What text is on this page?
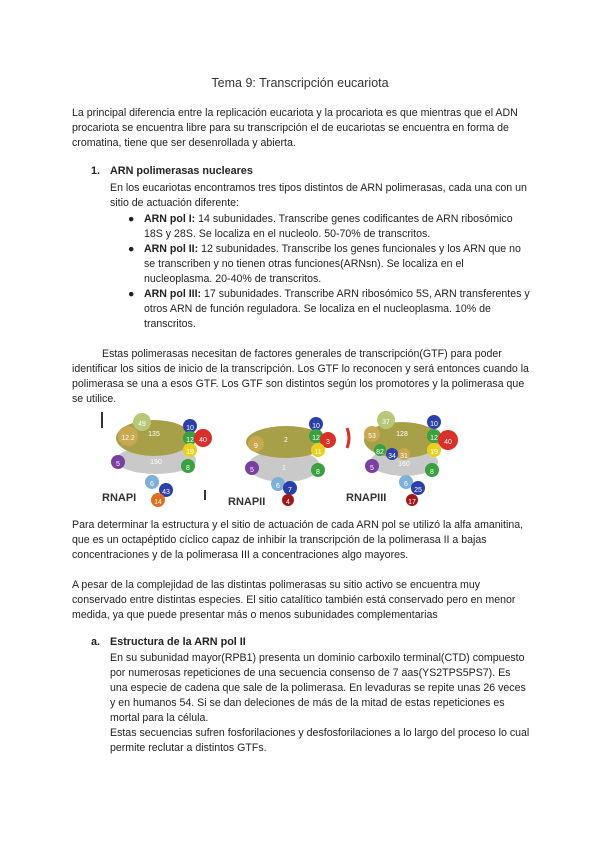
Tema 9: Transcripción eucariota
La principal diferencia entre la replicación eucariota y la procariota es que mientras que el ADN procariota se encuentra libre para su transcripción el de eucariotas se encuentra en forma de cromatina, tiene que ser desenrollada y abierta.
1. ARN polimerasas nucleares
En los eucariotas encontramos tres tipos distintos de ARN polimerasas, cada una con un sitio de actuación diferente:
● ARN pol I: 14 subunidades. Transcribe genes codificantes de ARN ribosómico 18S y 28S. Se localiza en el nucleolo. 50-70% de transcritos.
● ARN pol II: 12 subunidades. Transcribe los genes funcionales y los ARN que no se transcriben y no tienen otras funciones(ARNsn). Se localiza en el nucleoplasma. 20-40% de transcritos.
● ARN pol III: 17 subunidades. Transcribe ARN ribosómico 5S, ARN transferentes y otros ARN de función reguladora. Se localiza en el nucleoplasma. 10% de transcritos.
Estas polimerasas necesitan de factores generales de transcripción(GTF) para poder identificar los sitios de inicio de la transcripción. Los GTF lo reconocen y será entonces cuando la polimerasa se una a esos GTF. Los GTF son distintos según los promotores y la polimerasa que se utilice.
49
10
12.2
135
12 40
19
190
5
6
43
14
8
10
9
2	12
3
11
1
5
6
8
7
4
37	10
53	128
12
40
82
34 31
19
160
5
6
25
17
8
RNAPI	RNAPII	RNAPIII
Para determinar la estructura y el sitio de actuación de cada ARN pol se utilizó la alfa amanitina, que es un octapéptido cíclico capaz de inhibir la transcripción de la polimerasa II a bajas concentraciones y de la polimerasa III a concentraciones algo mayores.
A pesar de la complejidad de las distintas polimerasas su sitio activo se encuentra muy conservado entre distintas especies. El sitio catalítico también está conservado pero en menor medida, ya que puede presentar más o menos subunidades complementarias
a. Estructura de la ARN pol II
En su subunidad mayor(RPB1) presenta un dominio carboxilo terminal(CTD) compuesto por numerosas repeticiones de una secuencia consenso de 7 aas(YS2TPS5PS7). Es una especie de cadena que sale de la polimerasa. En levaduras se repite unas 26 veces y en humanos 54. Si se dan deleciones de más de la mitad de estas repeticiones es mortal para la célula.
Estas secuencias sufren fosforilaciones y desfosforilaciones a lo largo del proceso lo cual permite reclutar a distintos GTFs.
